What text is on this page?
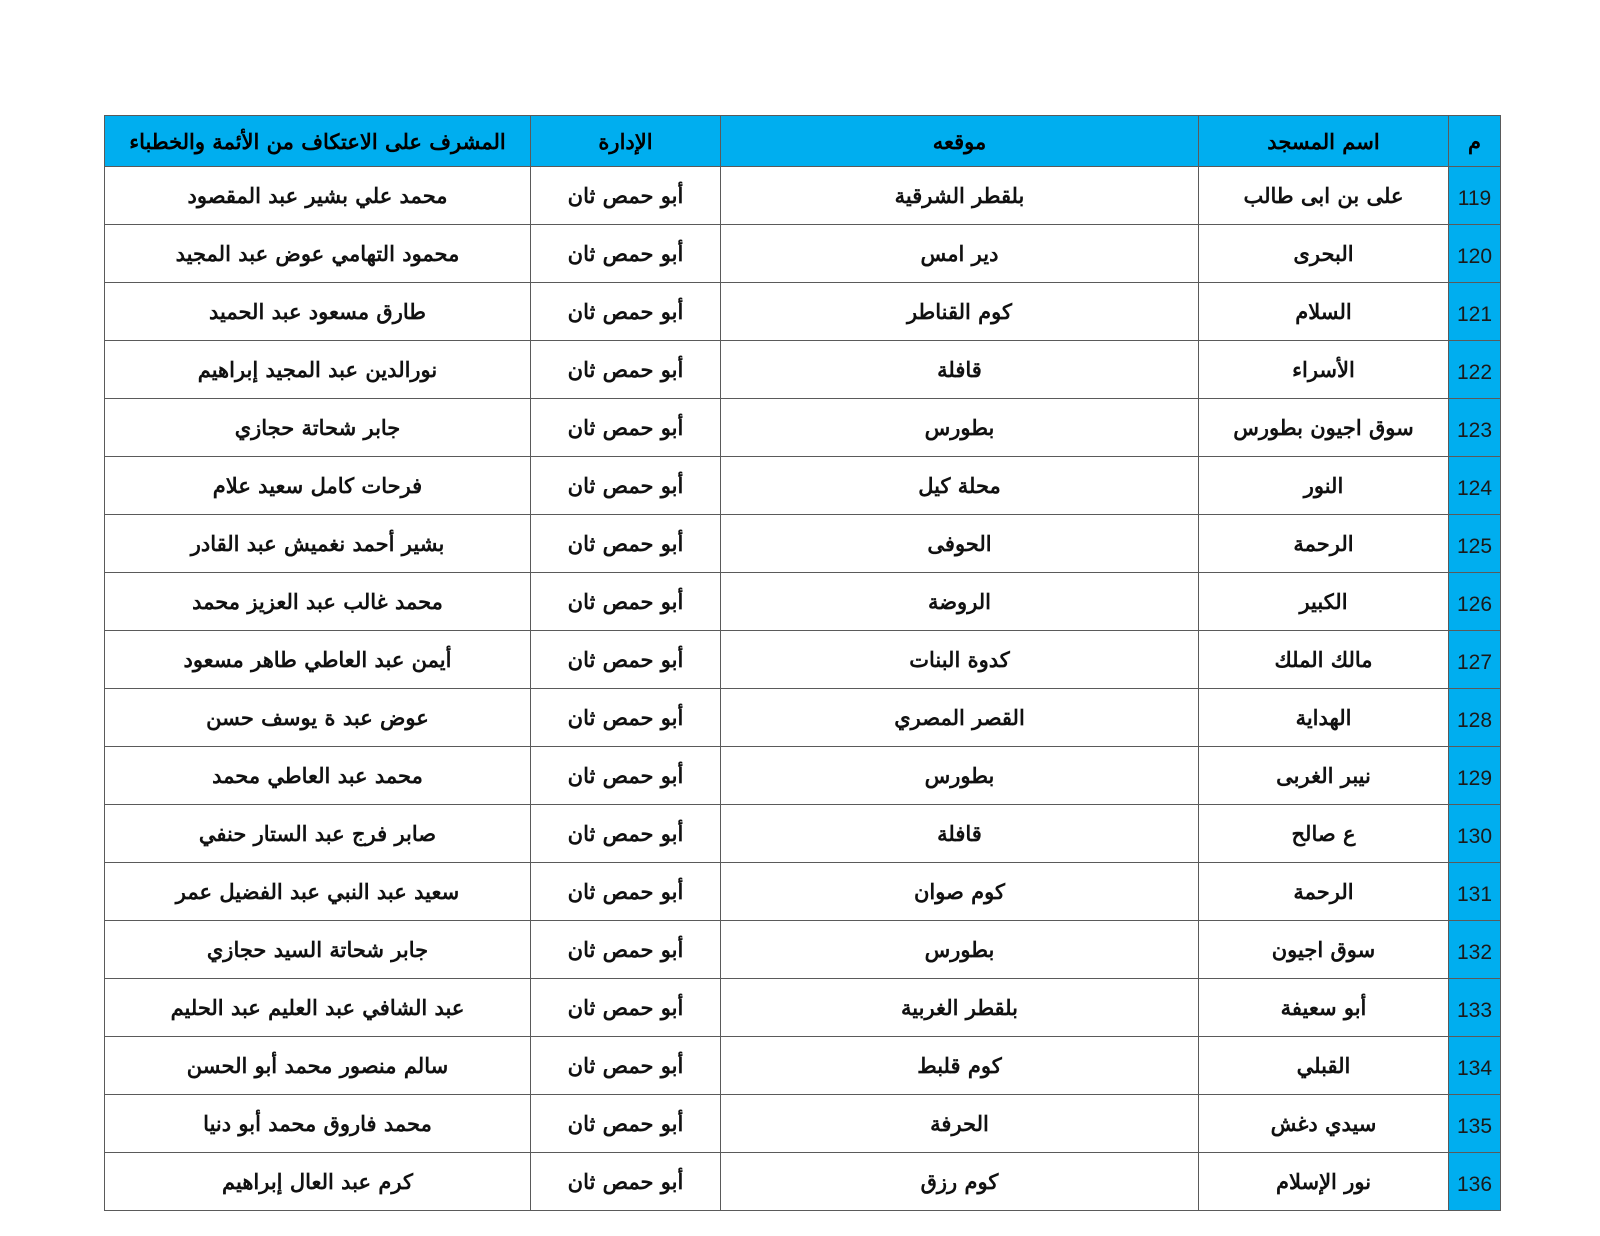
م	اسم المسجد	موقعه	الإدارة	المشرف على الاعتكاف من الأئمة والخطباء
119	على بن ابى طالب	بلقطر الشرقية	أبو حمص ثان	محمد علي بشير عبد المقصود
120	البحرى	دير امس	أبو حمص ثان	محمود التهامي عوض عبد المجيد
121	السلام	كوم القناطر	أبو حمص ثان	طارق مسعود عبد الحميد
122	الأسراء	قافلة	أبو حمص ثان	نورالدين عبد المجيد إبراهيم
123	سوق اجيون بطورس	بطورس	أبو حمص ثان	جابر شحاتة حجازي
124	النور	محلة كيل	أبو حمص ثان	فرحات كامل سعيد علام
125	الرحمة	الحوفى	أبو حمص ثان	بشير أحمد نغميش عبد القادر
126	الكبير	الروضة	أبو حمص ثان	محمد غالب عبد العزيز محمد
127	مالك الملك	كدوة البنات	أبو حمص ثان	أيمن عبد العاطي طاهر مسعود
128	الهداية	القصر المصري	أبو حمص ثان	عوض عبد ة يوسف حسن
129	نيبر الغربى	بطورس	أبو حمص ثان	محمد عبد العاطي محمد
130	ع صالح	قافلة	أبو حمص ثان	صابر فرج عبد الستار حنفي
131	الرحمة	كوم صوان	أبو حمص ثان	سعيد عبد النبي عبد الفضيل عمر
132	سوق اجيون	بطورس	أبو حمص ثان	جابر شحاتة السيد حجازي
133	أبو سعيفة	بلقطر الغربية	أبو حمص ثان	عبد الشافي عبد العليم عبد الحليم
134	القبلي	كوم قلبط	أبو حمص ثان	سالم منصور محمد أبو الحسن
135	سيدي دغش	الحرفة	أبو حمص ثان	محمد فاروق محمد أبو دنيا
136	نور الإسلام	كوم رزق	أبو حمص ثان	كرم عبد العال إبراهيم
